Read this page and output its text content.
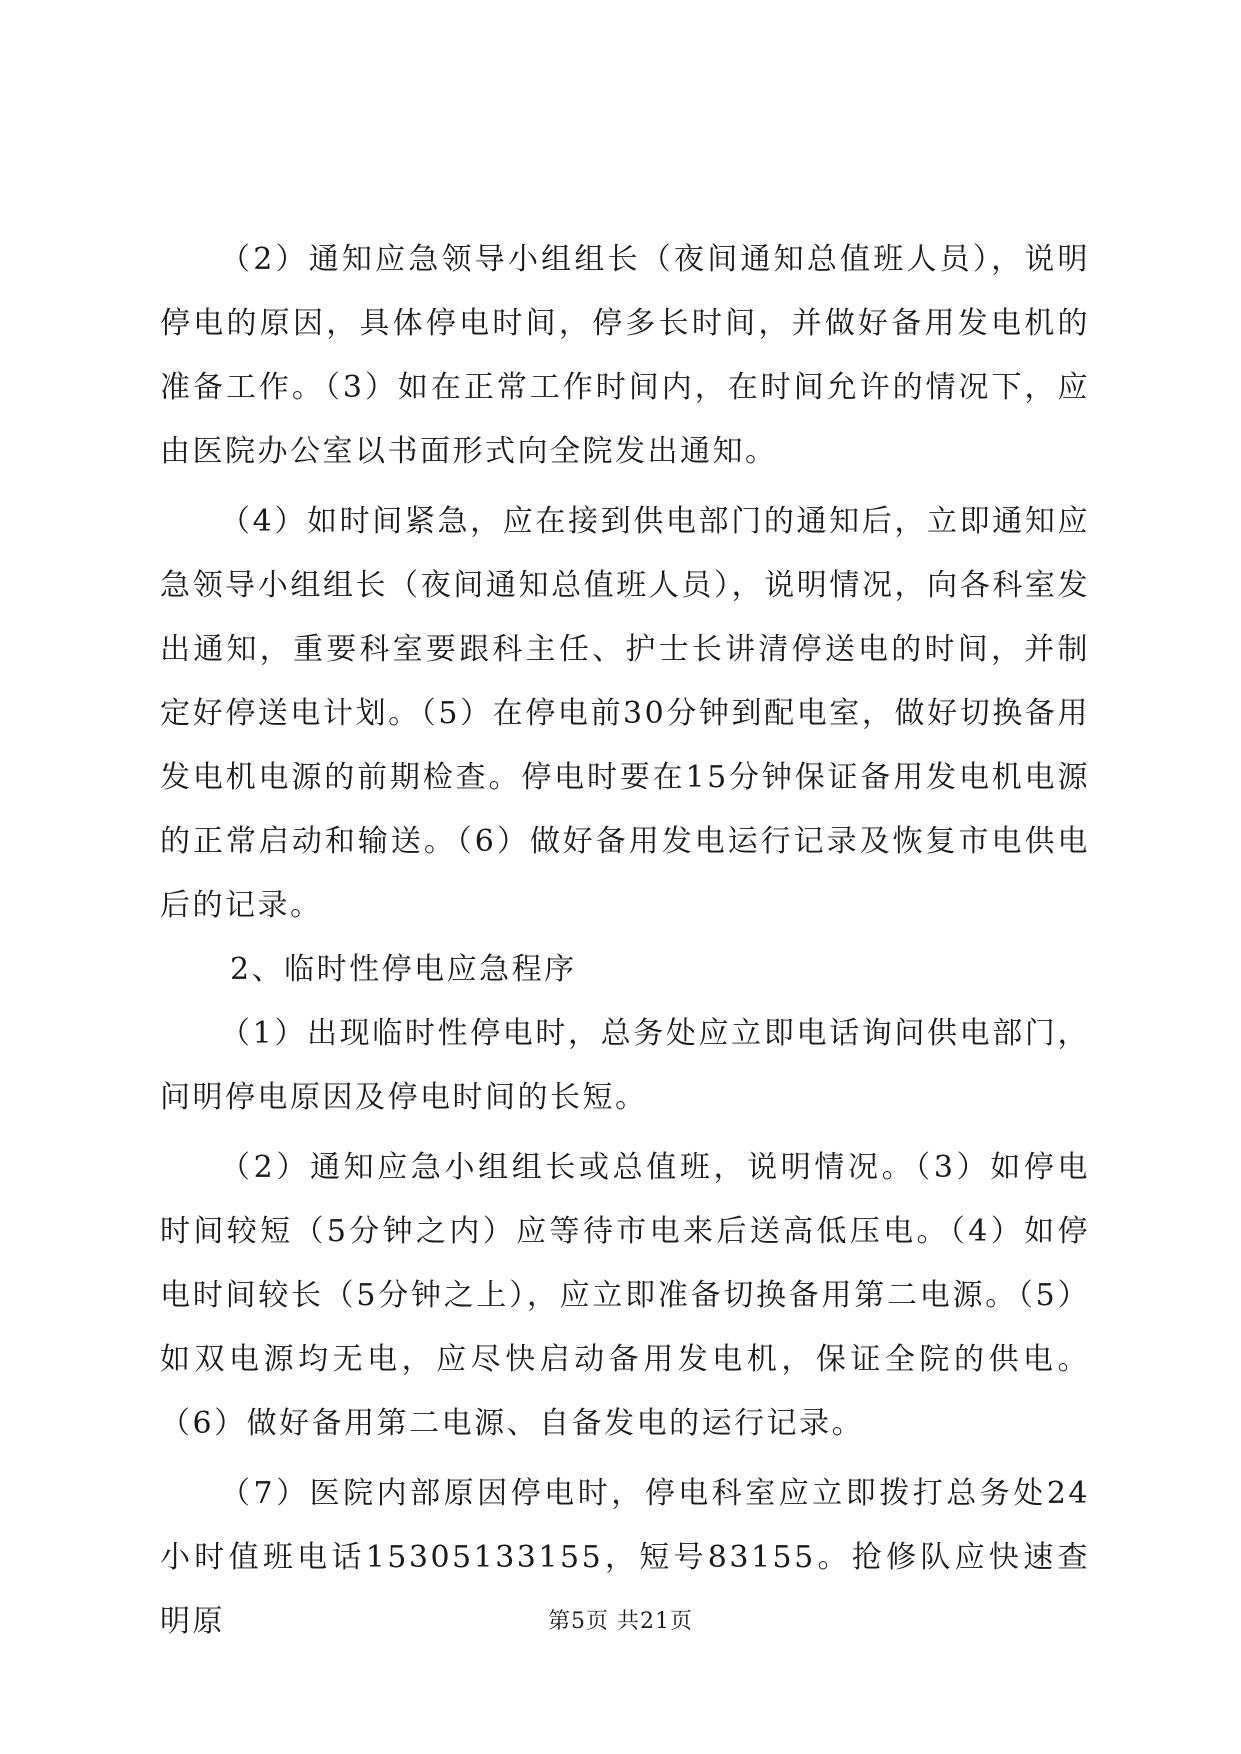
（2）通知应急领导小组组长（夜间通知总值班人员），说明停电的原因，具体停电时间，停多长时间，并做好备用发电机的准备工作。（3）如在正常工作时间内，在时间允许的情况下，应由医院办公室以书面形式向全院发出通知。

（4）如时间紧急，应在接到供电部门的通知后，立即通知应急领导小组组长（夜间通知总值班人员），说明情况，向各科室发出通知，重要科室要跟科主任、护士长讲清停送电的时间，并制定好停送电计划。（5）在停电前30分钟到配电室，做好切换备用发电机电源的前期检查。停电时要在15分钟保证备用发电机电源的正常启动和输送。（6）做好备用发电运行记录及恢复市电供电后的记录。

2、临时性停电应急程序

（1）出现临时性停电时，总务处应立即电话询问供电部门，问明停电原因及停电时间的长短。

（2）通知应急小组组长或总值班，说明情况。（3）如停电时间较短（5分钟之内）应等待市电来后送高低压电。（4）如停电时间较长（5分钟之上），应立即准备切换备用第二电源。（5）如双电源均无电，应尽快启动备用发电机，保证全院的供电。（6）做好备用第二电源、自备发电的运行记录。

（7）医院内部原因停电时，停电科室应立即拨打总务处24小时值班电话15305133155，短号83155。抢修队应快速查明原	第5页 共21页
